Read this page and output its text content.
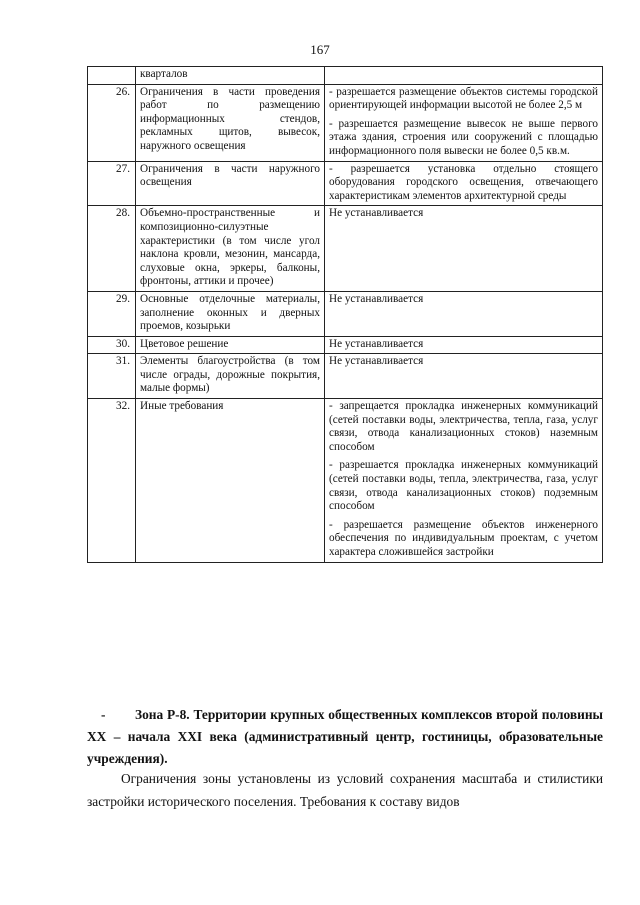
167
	кварталов	

26.	Ограничения в части проведения работ по размещению информационных стендов, рекламных щитов, вывесок, наружного освещения	- разрешается размещение объектов системы городской ориентирующей информации высотой не более 2,5 м

- разрешается размещение вывесок не выше первого этажа здания, строения или сооружений с площадью информационного поля вывески не более 0,5 кв.м.

27.	Ограничения в части наружного освещения	- разрешается установка отдельно стоящего оборудования городского освещения, отвечающего характеристикам элементов архитектурной среды

28.	Объемно-пространственные и композиционно-силуэтные характеристики (в том числе угол наклона кровли, мезонин, мансарда, слуховые окна, эркеры, балконы, фронтоны, аттики и прочее)	Не устанавливается

29.	Основные отделочные материалы, заполнение оконных и дверных проемов, козырьки	Не устанавливается

30.	Цветовое решение	Не устанавливается

31.	Элементы благоустройства (в том числе ограды, дорожные покрытия, малые формы)	Не устанавливается

32.	Иные требования	- запрещается прокладка инженерных коммуникаций (сетей поставки воды, электричества, тепла, газа, услуг связи, отвода канализационных стоков) наземным способом

- разрешается прокладка инженерных коммуникаций (сетей поставки воды, тепла, электричества, газа, услуг связи, отвода канализационных стоков) подземным способом

- разрешается размещение объектов инженерного обеспечения по индивидуальным проектам, с учетом характера сложившейся застройки

- Зона Р-8. Территории крупных общественных комплексов второй половины XX – начала XXI века (административный центр, гостиницы, образовательные учреждения).
Ограничения зоны установлены из условий сохранения масштаба и стилистики застройки исторического поселения. Требования к составу видов
